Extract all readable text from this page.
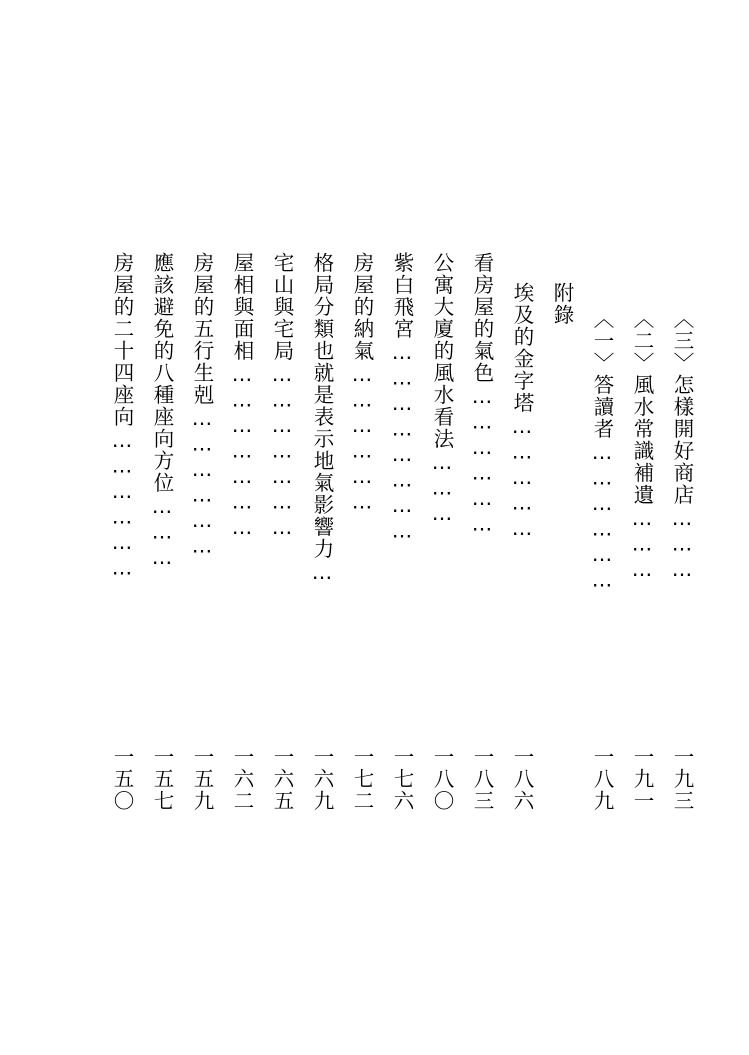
房屋的二十四座向………………
一五〇
應該避免的八種座向方位………
一五七
房屋的五行生剋………………
一五九
屋相與面相…………………
一六二
宅山與宅局…………………
一六五
格局分類也就是表示地氣影響力…
一六九
房屋的納氣………………
一七二
紫白飛宮……………………
一七六
公寓大廈的風水看法………
一八〇
看房屋的氣色………………
一八三
埃及的金字塔……………
一八六
附錄
〈一〉答讀者………………
一八九
〈二〉風水常識補遺………
一九一
〈三〉怎樣開好商店………
一九三
